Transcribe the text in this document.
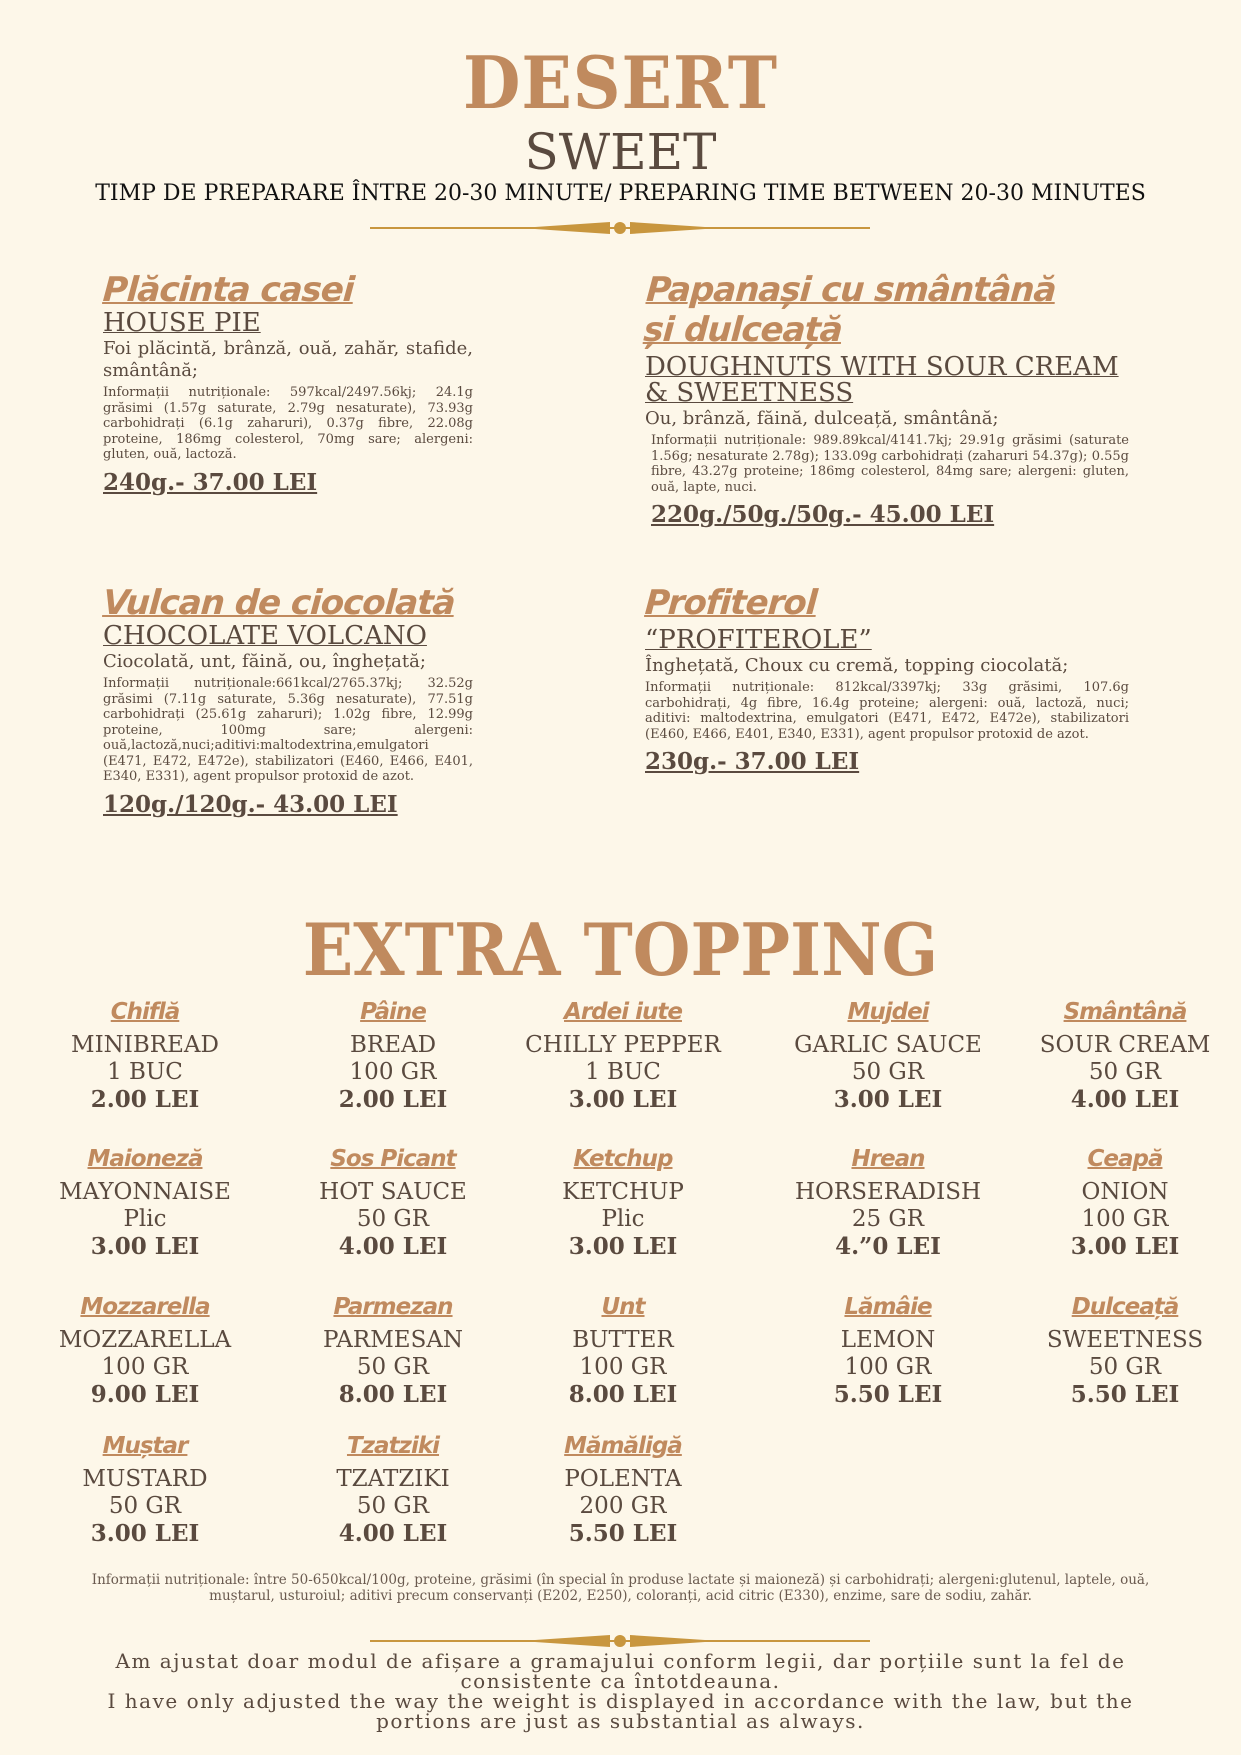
DESERT
SWEET
TIMP DE PREPARARE ÎNTRE 20-30 MINUTE/ PREPARING TIME BETWEEN 20-30 MINUTES
Plăcinta casei
HOUSE PIE
Foi plăcintă, brânză, ouă, zahăr, stafide, smântână;
Informații nutriționale: 597kcal/2497.56kj; 24.1g grăsimi (1.57g saturate, 2.79g nesaturate), 73.93g carbohidrați (6.1g zaharuri), 0.37g fibre, 22.08g proteine, 186mg colesterol, 70mg sare; alergeni: gluten, ouă, lactoză.
240g.- 37.00 LEI
Papanași cu smântână și dulceață
DOUGHNUTS WITH SOUR CREAM & SWEETNESS
Ou, brânză, făină, dulceață, smântână;
Informații nutriționale: 989.89kcal/4141.7kj; 29.91g grăsimi (saturate 1.56g; nesaturate 2.78g); 133.09g carbohidrați (zaharuri 54.37g); 0.55g fibre, 43.27g proteine; 186mg colesterol, 84mg sare; alergeni: gluten, ouă, lapte, nuci.
220g./50g./50g.- 45.00 LEI
Vulcan de ciocolată
CHOCOLATE VOLCANO
Ciocolată, unt, făină, ou, înghețată;
Informații nutriționale:661kcal/2765.37kj; 32.52g grăsimi (7.11g saturate, 5.36g nesaturate), 77.51g carbohidrați (25.61g zaharuri); 1.02g fibre, 12.99g proteine, 100mg sare; alergeni: ouă,lactoză,nuci;aditivi:maltodextrina,emulgatori (E471, E472, E472e), stabilizatori (E460, E466, E401, E340, E331), agent propulsor protoxid de azot.
120g./120g.- 43.00 LEI
Profiterol
“PROFITEROLE”
Înghețată, Choux cu cremă, topping ciocolată;
Informații nutriționale: 812kcal/3397kj; 33g grăsimi, 107.6g carbohidrați, 4g fibre, 16.4g proteine; alergeni: ouă, lactoză, nuci; aditivi: maltodextrina, emulgatori (E471, E472, E472e), stabilizatori (E460, E466, E401, E340, E331), agent propulsor protoxid de azot.
230g.- 37.00 LEI
EXTRA TOPPING
Chiflă
MINIBREAD
1 BUC
2.00 LEI
Pâine
BREAD
100 GR
2.00 LEI
Ardei iute
CHILLY PEPPER
1 BUC
3.00 LEI
Mujdei
GARLIC SAUCE
50 GR
3.00 LEI
Smântână
SOUR CREAM
50 GR
4.00 LEI
Maioneză
MAYONNAISE
Plic
3.00 LEI
Sos Picant
HOT SAUCE
50 GR
4.00 LEI
Ketchup
KETCHUP
Plic
3.00 LEI
Hrean
HORSERADISH
25 GR
4.”0 LEI
Ceapă
ONION
100 GR
3.00 LEI
Mozzarella
MOZZARELLA
100 GR
9.00 LEI
Parmezan
PARMESAN
50 GR
8.00 LEI
Unt
BUTTER
100 GR
8.00 LEI
Lămâie
LEMON
100 GR
5.50 LEI
Dulceață
SWEETNESS
50 GR
5.50 LEI
Muștar
MUSTARD
50 GR
3.00 LEI
Tzatziki
TZATZIKI
50 GR
4.00 LEI
Mămăligă
POLENTA
200 GR
5.50 LEI
Informații nutriționale: între 50-650kcal/100g, proteine, grăsimi (în special în produse lactate și maioneză) și carbohidrați; alergeni:glutenul, laptele, ouă, muștarul, usturoiul; aditivi precum conservanți (E202, E250), coloranți, acid citric (E330), enzime, sare de sodiu, zahăr.
Am ajustat doar modul de afișare a gramajului conform legii, dar porțiile sunt la fel de consistente ca întotdeauna.
I have only adjusted the way the weight is displayed in accordance with the law, but the portions are just as substantial as always.
